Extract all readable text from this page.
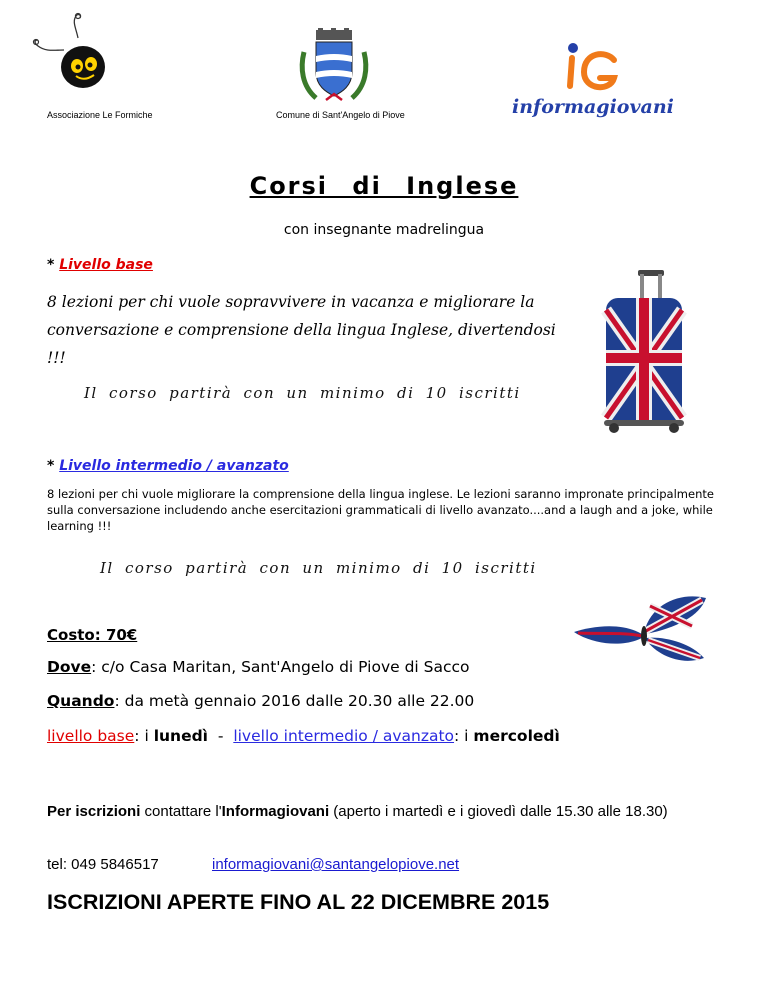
Associazione Le Formiche	Comune di Sant'Angelo di Piove	informagiovani
Corsi di Inglese
con insegnante madrelingua
* Livello base
8 lezioni per chi vuole sopravvivere in vacanza e migliorare la conversazione e comprensione della lingua Inglese, divertendosi !!!
Il corso partirà con un minimo di 10 iscritti
* Livello intermedio / avanzato
8 lezioni per chi vuole migliorare la comprensione della lingua inglese. Le lezioni saranno impronate principalmente sulla conversazione includendo anche esercitazioni grammaticali di livello avanzato....and a laugh and a joke, while learning !!!
Il corso partirà con un minimo di 10 iscritti
Costo: 70€
Dove: c/o Casa Maritan, Sant'Angelo di Piove di Sacco
Quando: da metà gennaio 2016 dalle 20.30 alle 22.00
livello base: i lunedì  -  livello intermedio / avanzato: i mercoledì
Per iscrizioni contattare l'Informagiovani (aperto i martedì e i giovedì dalle 15.30 alle 18.30)
tel: 049 5846517	informagiovani@santangelopiove.net
ISCRIZIONI APERTE FINO AL 22 DICEMBRE 2015
